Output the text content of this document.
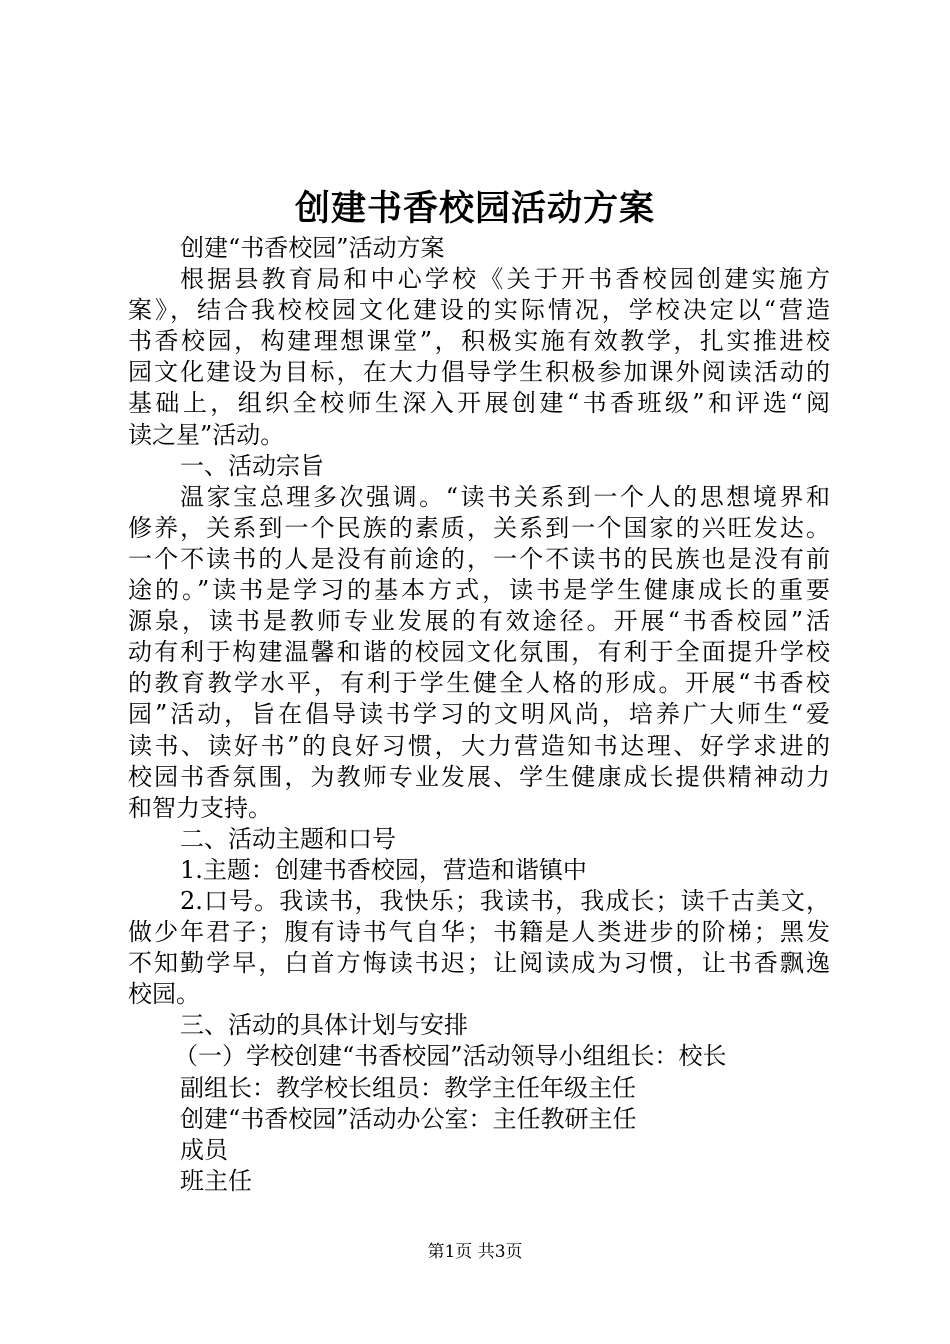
创建书香校园活动方案
创建“书香校园”活动方案
根据县教育局和中心学校《关于开书香校园创建实施方
案》，结合我校校园文化建设的实际情况，学校决定以“营造
书香校园，构建理想课堂”，积极实施有效教学，扎实推进校
园文化建设为目标，在大力倡导学生积极参加课外阅读活动的
基础上，组织全校师生深入开展创建“书香班级”和评选“阅
读之星”活动。
一、活动宗旨
温家宝总理多次强调。“读书关系到一个人的思想境界和
修养，关系到一个民族的素质，关系到一个国家的兴旺发达。
一个不读书的人是没有前途的，一个不读书的民族也是没有前
途的。”读书是学习的基本方式，读书是学生健康成长的重要
源泉，读书是教师专业发展的有效途径。开展“书香校园”活
动有利于构建温馨和谐的校园文化氛围，有利于全面提升学校
的教育教学水平，有利于学生健全人格的形成。开展“书香校
园”活动，旨在倡导读书学习的文明风尚，培养广大师生“爱
读书、读好书”的良好习惯，大力营造知书达理、好学求进的
校园书香氛围，为教师专业发展、学生健康成长提供精神动力
和智力支持。
二、活动主题和口号
1.主题：创建书香校园，营造和谐镇中
2.口号。我读书，我快乐；我读书，我成长；读千古美文，
做少年君子；腹有诗书气自华；书籍是人类进步的阶梯；黑发
不知勤学早，白首方悔读书迟；让阅读成为习惯，让书香飘逸
校园。
三、活动的具体计划与安排
（一）学校创建“书香校园”活动领导小组组长：校长
副组长：教学校长组员：教学主任年级主任
创建“书香校园”活动办公室：主任教研主任
成员
班主任
第1页 共3页
